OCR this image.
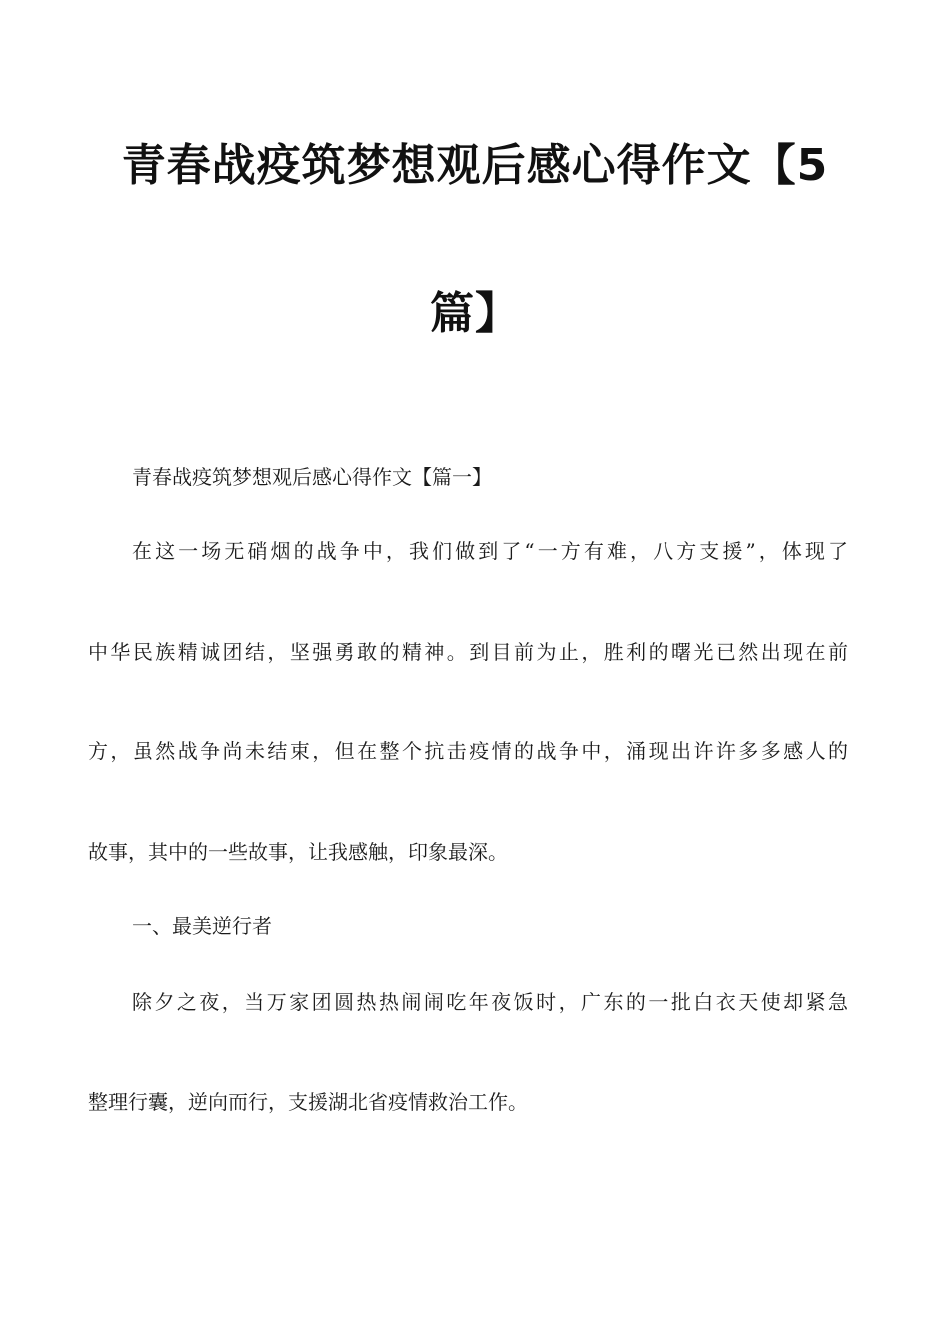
青春战疫筑梦想观后感心得作文【5
篇】

青春战疫筑梦想观后感心得作文【篇一】

在这一场无硝烟的战争中，我们做到了“一方有难，八方支援”，体现了

中华民族精诚团结，坚强勇敢的精神。到目前为止，胜利的曙光已然出现在前

方，虽然战争尚未结束，但在整个抗击疫情的战争中，涌现出许许多多感人的

故事，其中的一些故事，让我感触，印象最深。

一、最美逆行者

除夕之夜，当万家团圆热热闹闹吃年夜饭时，广东的一批白衣天使却紧急

整理行囊，逆向而行，支援湖北省疫情救治工作。
